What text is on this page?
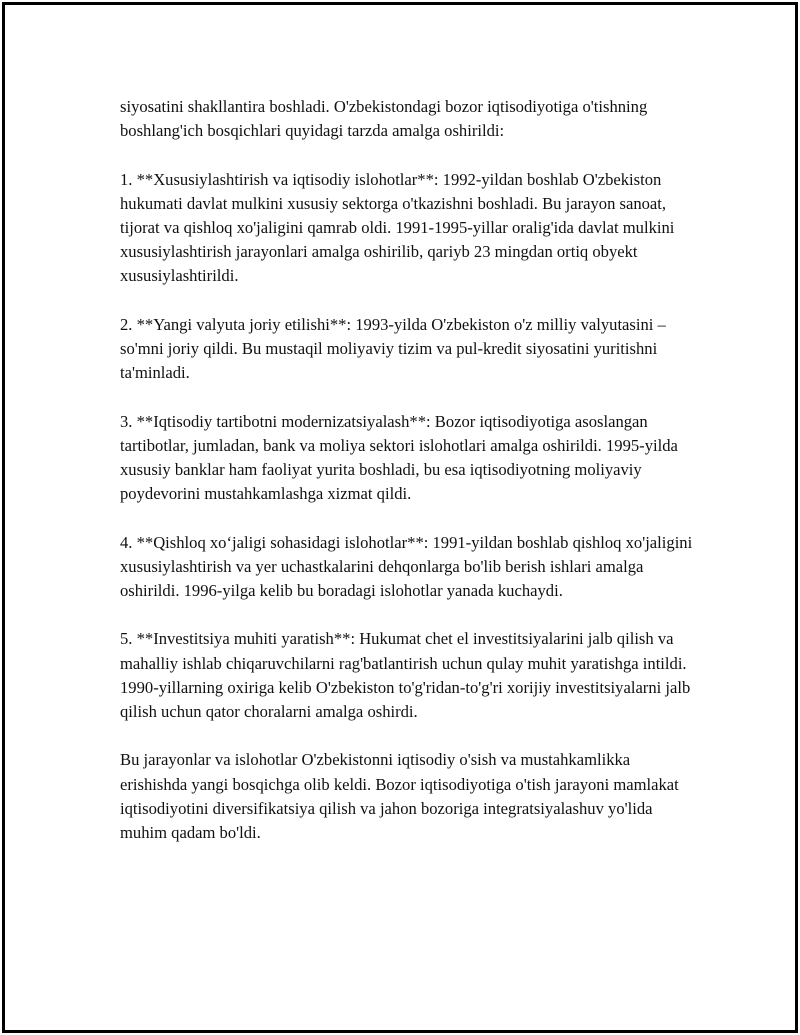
siyosatini shakllantira boshladi. O'zbekistondagi bozor iqtisodiyotiga o'tishning boshlang'ich bosqichlari quyidagi tarzda amalga oshirildi:

1. **Xususiylashtirish va iqtisodiy islohotlar**: 1992-yildan boshlab O'zbekiston hukumati davlat mulkini xususiy sektorga o'tkazishni boshladi. Bu jarayon sanoat, tijorat va qishloq xo'jaligini qamrab oldi. 1991-1995-yillar oralig'ida davlat mulkini xususiylashtirish jarayonlari amalga oshirilib, qariyb 23 mingdan ortiq obyekt xususiylashtirildi.

2. **Yangi valyuta joriy etilishi**: 1993-yilda O'zbekiston o'z milliy valyutasini – so'mni joriy qildi. Bu mustaqil moliyaviy tizim va pul-kredit siyosatini yuritishni ta'minladi.

3. **Iqtisodiy tartibotni modernizatsiyalash**: Bozor iqtisodiyotiga asoslangan tartibotlar, jumladan, bank va moliya sektori islohotlari amalga oshirildi. 1995-yilda xususiy banklar ham faoliyat yurita boshladi, bu esa iqtisodiyotning moliyaviy poydevorini mustahkamlashga xizmat qildi.

4. **Qishloq xo‘jaligi sohasidagi islohotlar**: 1991-yildan boshlab qishloq xo'jaligini xususiylashtirish va yer uchastkalarini dehqonlarga bo'lib berish ishlari amalga oshirildi. 1996-yilga kelib bu boradagi islohotlar yanada kuchaydi.

5. **Investitsiya muhiti yaratish**: Hukumat chet el investitsiyalarini jalb qilish va mahalliy ishlab chiqaruvchilarni rag'batlantirish uchun qulay muhit yaratishga intildi. 1990-yillarning oxiriga kelib O'zbekiston to'g'ridan-to'g'ri xorijiy investitsiyalarni jalb qilish uchun qator choralarni amalga oshirdi.

Bu jarayonlar va islohotlar O'zbekistonni iqtisodiy o'sish va mustahkamlikka erishishda yangi bosqichga olib keldi. Bozor iqtisodiyotiga o'tish jarayoni mamlakat iqtisodiyotini diversifikatsiya qilish va jahon bozoriga integratsiyalashuv yo'lida muhim qadam bo'ldi.
